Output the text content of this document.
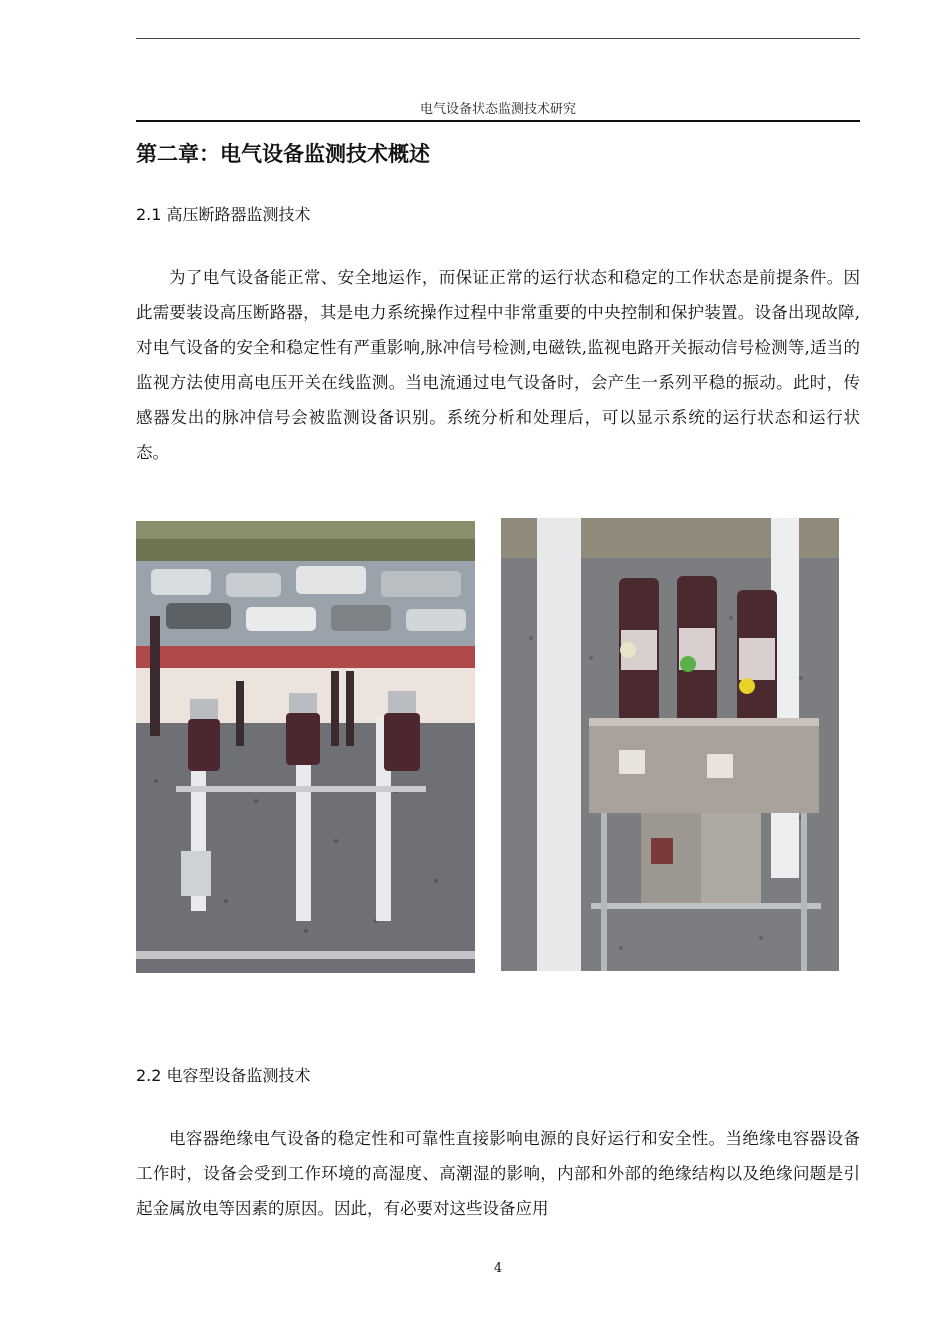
电气设备状态监测技术研究
第二章：电气设备监测技术概述
2.1 高压断路器监测技术

为了电气设备能正常、安全地运作，而保证正常的运行状态和稳定的工作状态是前提条件。因此需要装设高压断路器，其是电力系统操作过程中非常重要的中央控制和保护装置。设备出现故障,对电气设备的安全和稳定性有严重影响,脉冲信号检测,电磁铁,监视电路开关振动信号检测等,适当的监视方法使用高电压开关在线监测。当电流通过电气设备时，会产生一系列平稳的振动。此时，传感器发出的脉冲信号会被监测设备识别。系统分析和处理后，可以显示系统的运行状态和运行状态。

2.2 电容型设备监测技术

电容器绝缘电气设备的稳定性和可靠性直接影响电源的良好运行和安全性。当绝缘电容器设备工作时，设备会受到工作环境的高湿度、高潮湿的影响，内部和外部的绝缘结构以及绝缘问题是引起金属放电等因素的原因。因此，有必要对这些设备应用

4
